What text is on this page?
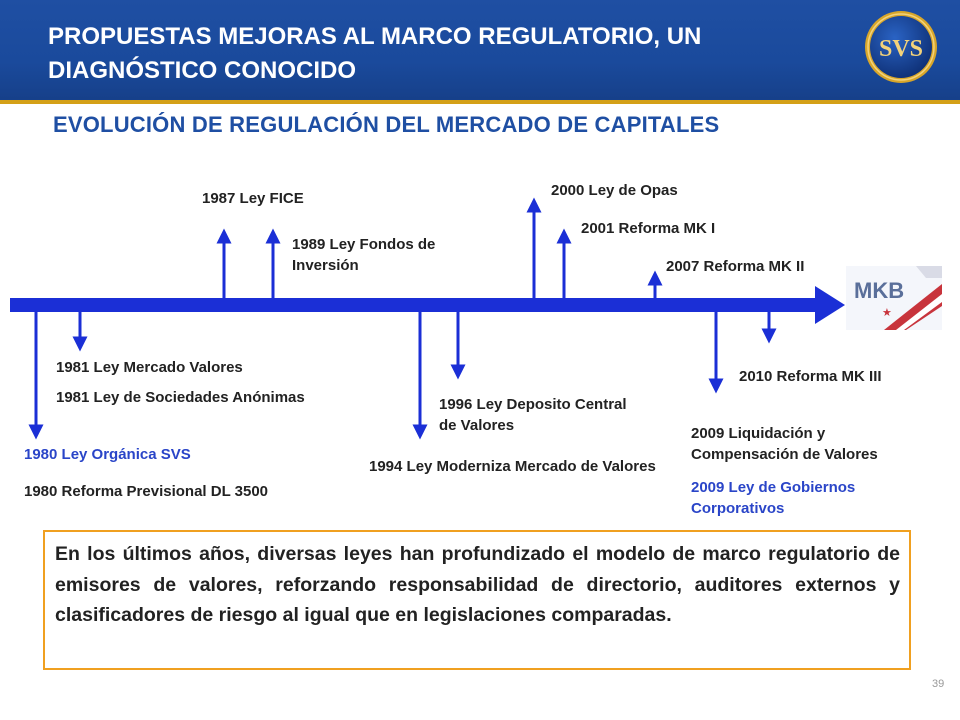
PROPUESTAS MEJORAS AL MARCO REGULATORIO, UN DIAGNÓSTICO CONOCIDO
SVS
EVOLUCIÓN DE REGULACIÓN DEL MERCADO DE CAPITALES
1987 Ley FICE
1989 Ley Fondos de Inversión
2000 Ley de Opas
2001 Reforma MK I
2007 Reforma MK II
1981 Ley Mercado Valores
1981 Ley de Sociedades Anónimas
1980 Ley Orgánica SVS
1980 Reforma Previsional DL 3500
1996 Ley Deposito Central de Valores
1994 Ley Moderniza Mercado de Valores
2010 Reforma MK III
2009 Liquidación y Compensación de Valores
2009 Ley de Gobiernos Corporativos
MKB
★
En los últimos años, diversas leyes han profundizado el modelo de marco regulatorio de emisores de valores, reforzando responsabilidad de directorio, auditores externos y clasificadores de riesgo al igual que en legislaciones comparadas.
39
